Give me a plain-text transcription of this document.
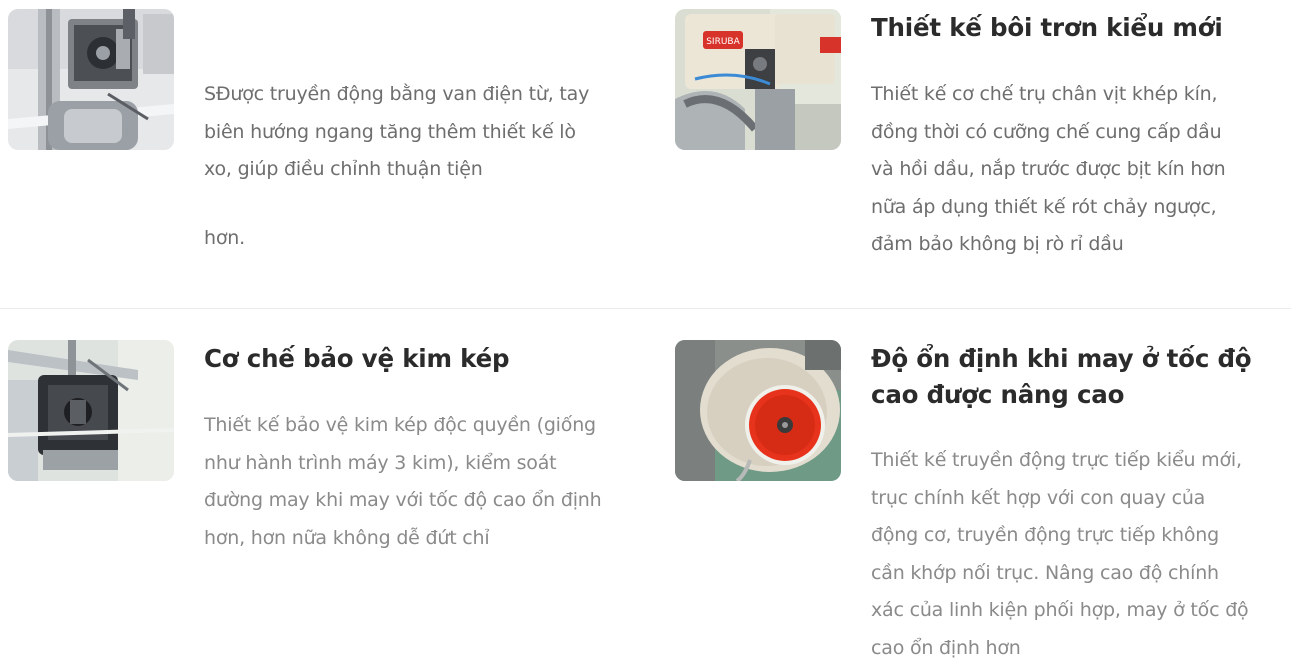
SĐược truyền động bằng van điện từ, tay

biên hướng ngang tăng thêm thiết kế lò

xo, giúp điều chỉnh thuận tiện

hơn.

SIRUBA	Thiết kế bôi trơn kiểu mới

Thiết kế cơ chế trụ chân vịt khép kín,

đồng thời có cưỡng chế cung cấp dầu

và hồi dầu, nắp trước được bịt kín hơn

nữa áp dụng thiết kế rót chảy ngược,

đảm bảo không bị rò rỉ dầu

Cơ chế bảo vệ kim kép

Thiết kế bảo vệ kim kép độc quyền (giống

như hành trình máy 3 kim), kiểm soát

đường may khi may với tốc độ cao ổn định

hơn, hơn nữa không dễ đứt chỉ

Độ ổn định khi may ở tốc độ
cao được nâng cao

Thiết kế truyền động trực tiếp kiểu mới,

trục chính kết hợp với con quay của

động cơ, truyền động trực tiếp không

cần khớp nối trục. Nâng cao độ chính

xác của linh kiện phối hợp, may ở tốc độ

cao ổn định hơn
